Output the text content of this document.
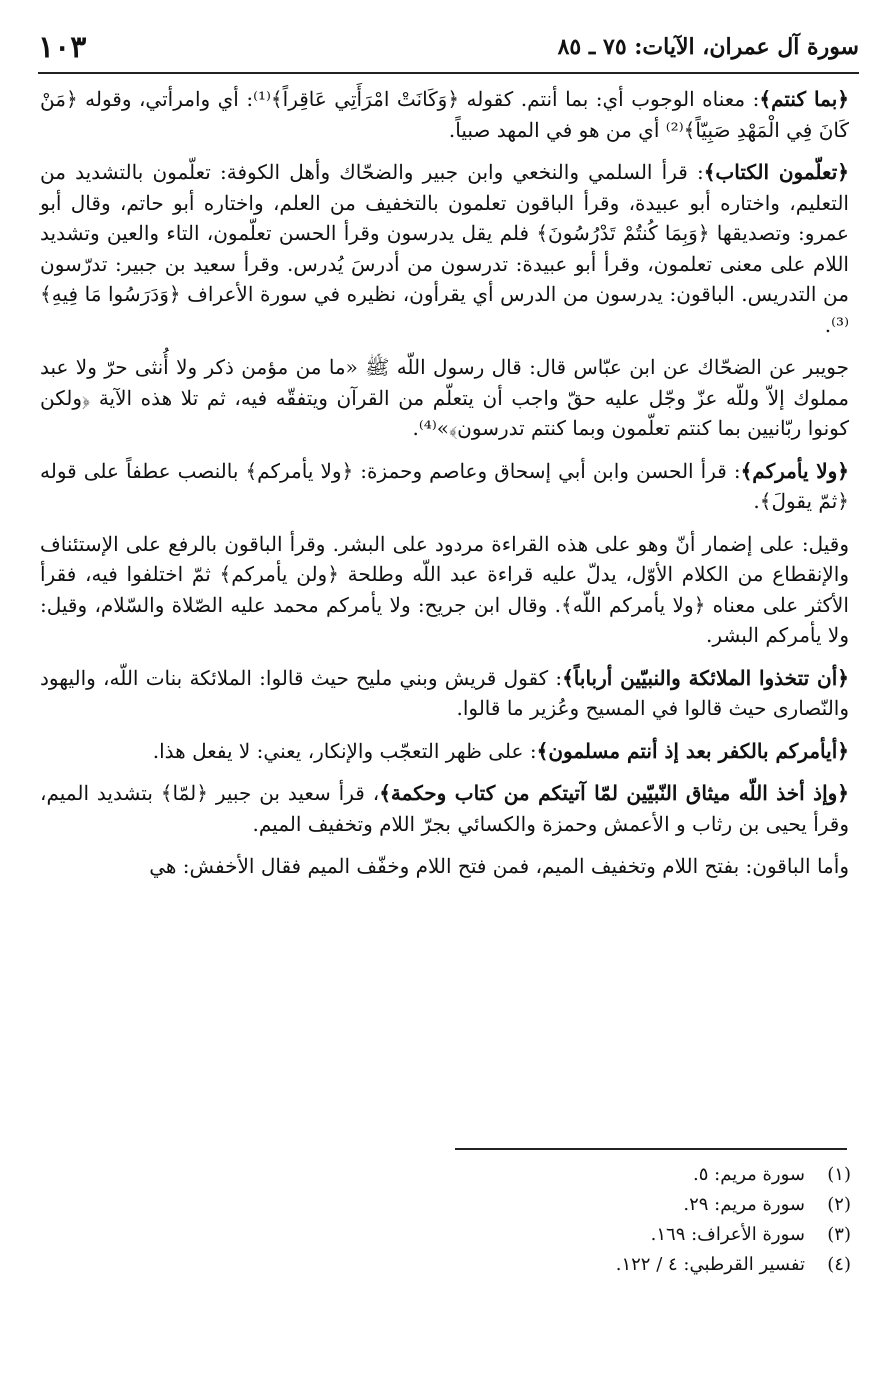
سورة آل عمران، الآيات: ٧٥ ـ ٨٥
١٠٣

﴿بما كنتم﴾: معناه الوجوب أي: بما أنتم. كقوله ﴿وَكَانَتْ امْرَأَتِي عَاقِراً﴾⁽¹⁾: أي وامرأتي، وقوله ﴿مَنْ كَانَ فِي الْمَهْدِ صَبِيّاً﴾⁽²⁾ أي من هو في المهد صبياً.

﴿تعلّمون الكتاب﴾: قرأ السلمي والنخعي وابن جبير والضحّاك وأهل الكوفة: تعلّمون بالتشديد من التعليم، واختاره أبو عبيدة، وقرأ الباقون تعلمون بالتخفيف من العلم، واختاره أبو حاتم، وقال أبو عمرو: وتصديقها ﴿وَبِمَا كُنتُمْ تَدْرُسُونَ﴾ فلم يقل يدرسون وقرأ الحسن تعلّمون، التاء والعين وتشديد اللام على معنى تعلمون، وقرأ أبو عبيدة: تدرسون من أدرسَ يُدرس. وقرأ سعيد بن جبير: تدرّسون من التدريس. الباقون: يدرسون من الدرس أي يقرأون، نظيره في سورة الأعراف ﴿وَدَرَسُوا مَا فِيهِ﴾⁽³⁾.

جويبر عن الضحّاك عن ابن عبّاس قال: قال رسول اللّه ﷺ «ما من مؤمن ذكر ولا أُنثى حرّ ولا عبد مملوك إلاّ وللّه عزّ وجّل عليه حقّ واجب أن يتعلّم من القرآن ويتفقّه فيه، ثم تلا هذه الآية ﴿ولكن كونوا ربّانيين بما كنتم تعلّمون وبما كنتم تدرسون﴾»⁽⁴⁾.

﴿ولا يأمركم﴾: قرأ الحسن وابن أبي إسحاق وعاصم وحمزة: ﴿ولا يأمركم﴾ بالنصب عطفاً على قوله ﴿ثمّ يقولَ﴾.

وقيل: على إضمار أنّ وهو على هذه القراءة مردود على البشر. وقرأ الباقون بالرفع على الإستئناف والإنقطاع من الكلام الأوّل، يدلّ عليه قراءة عبد اللّه وطلحة ﴿ولن يأمركم﴾ ثمّ اختلفوا فيه، فقرأ الأكثر على معناه ﴿ولا يأمركم اللّه﴾. وقال ابن جريح: ولا يأمركم محمد عليه الصّلاة والسّلام، وقيل: ولا يأمركم البشر.

﴿أن تتخذوا الملائكة والنبيّين أرباباً﴾: كقول قريش وبني مليح حيث قالوا: الملائكة بنات اللّه، واليهود والنّصارى حيث قالوا في المسيح وعُزير ما قالوا.

﴿أيأمركم بالكفر بعد إذ أنتم مسلمون﴾: على ظهر التعجّب والإنكار، يعني: لا يفعل هذا.

﴿وإذ أخذ اللّه ميثاق النّبيّين لمّا آتيتكم من كتاب وحكمة﴾، قرأ سعيد بن جبير ﴿لمّا﴾ بتشديد الميم، وقرأ يحيى بن رثاب و الأعمش وحمزة والكسائي بجرّ اللام وتخفيف الميم.

وأما الباقون: بفتح اللام وتخفيف الميم، فمن فتح اللام وخفّف الميم فقال الأخفش: هي

(١)
سورة مريم: ٥.
(٢)
سورة مريم: ٢٩.
(٣)
سورة الأعراف: ١٦٩.
(٤)
تفسير القرطبي: ٤ / ١٢٢.
